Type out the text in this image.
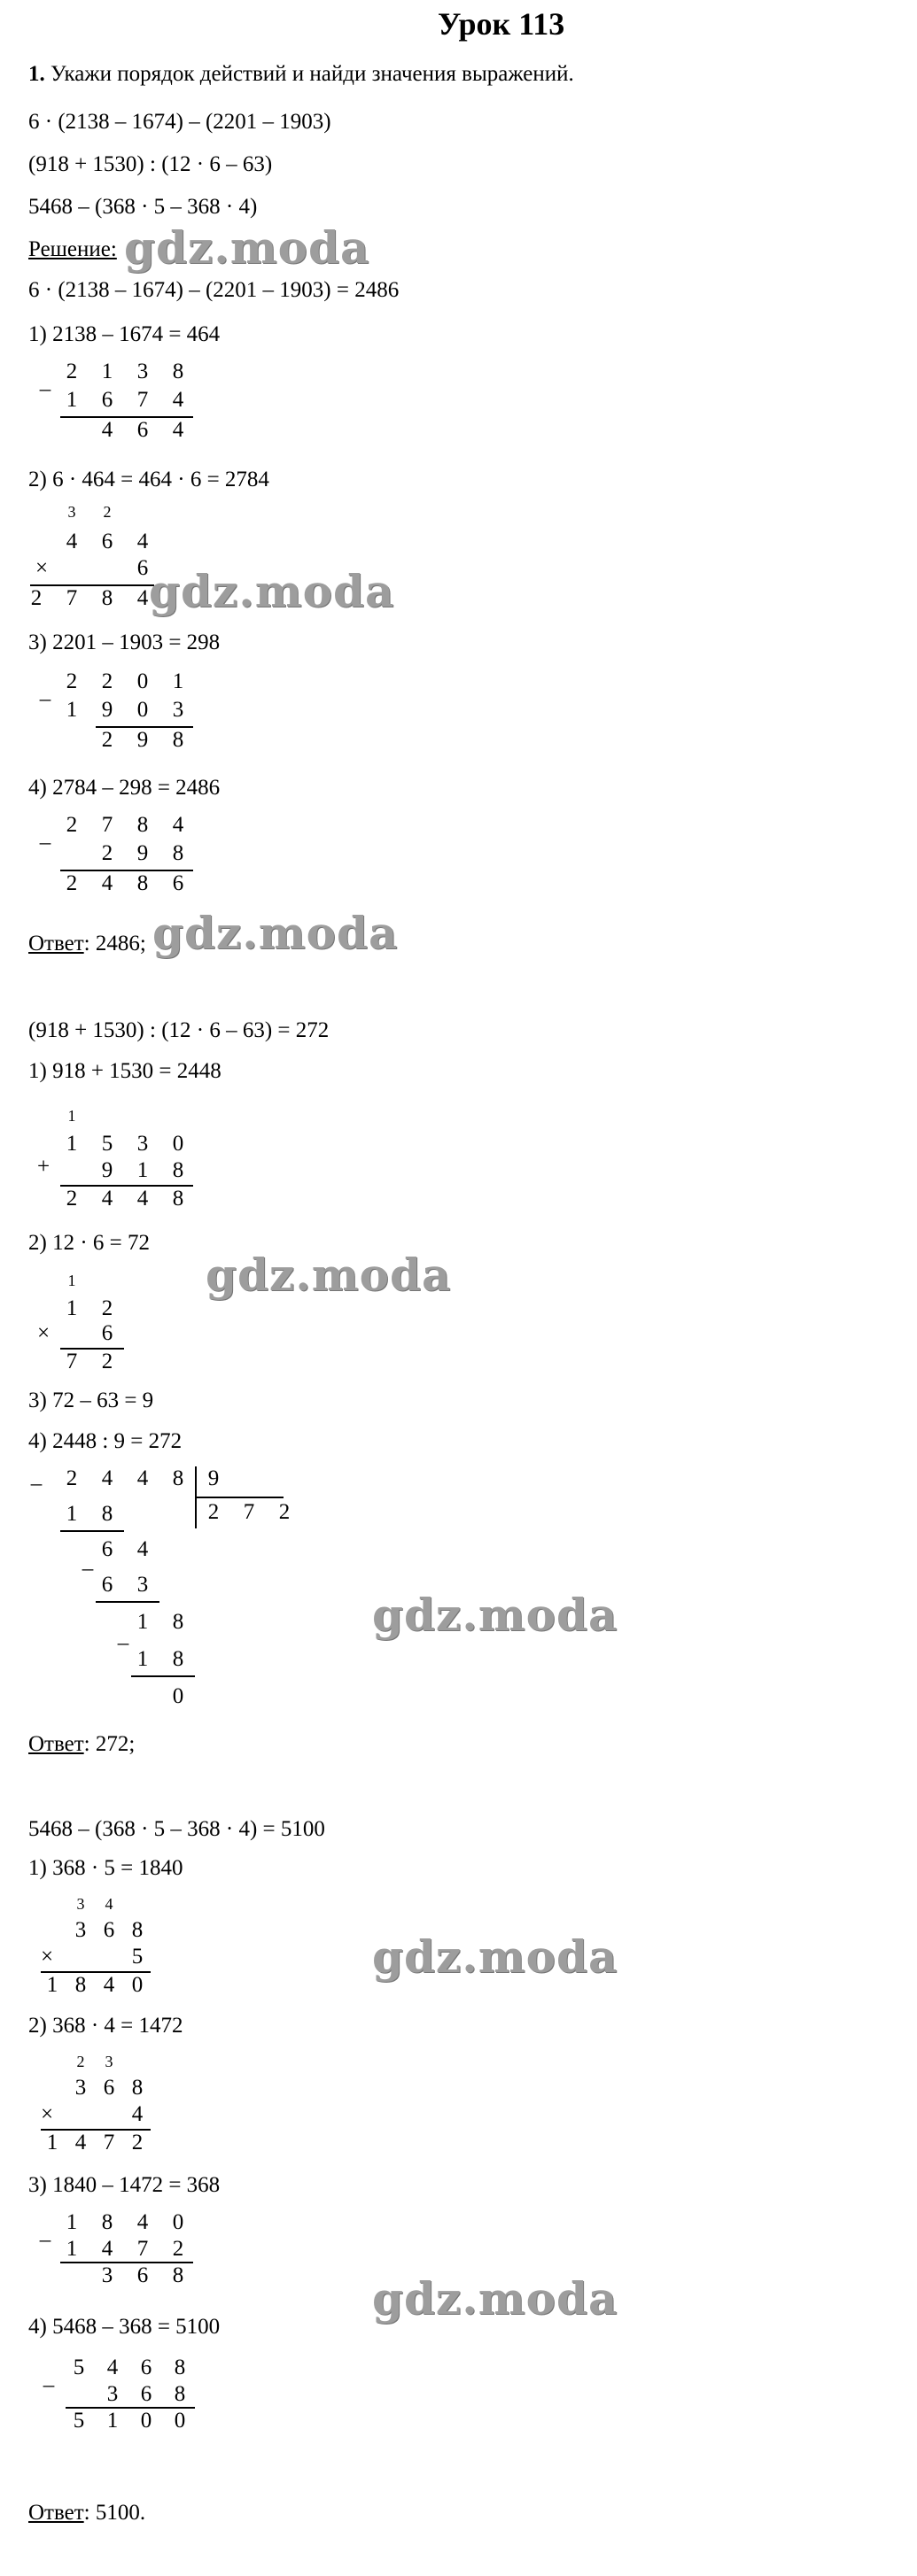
Урок 113
1. Укажи порядок действий и найди значения выражений.
6 · (2138 – 1674) – (2201 – 1903)
(918 + 1530) : (12 · 6 – 63)
5468 – (368 · 5 – 368 · 4)
Решение:
6 · (2138 – 1674) – (2201 – 1903) = 2486
1) 2138 – 1674 = 464
2 1 3 8
– 1 6 7 4
4 6 4
2) 6 · 464 = 464 · 6 = 2784
3	2
4 6 4
×	6
2 7 8 4
3) 2201 – 1903 = 298
2 2 0 1
– 1 9 0 3
2 9 8
4) 2784 – 298 = 2486
2 7 8 4
– 2 9 8
2 4 8 6
Ответ: 2486;
(918 + 1530) : (12 · 6 – 63) = 272
1) 918 + 1530 = 2448
1
1 5 3 0
+ 9 1 8
2 4 4 8
2) 12 · 6 = 72
1
1 2
× 6
7 2
3) 72 – 63 = 9
4) 2448 : 9 = 272
– 2 4 4 8 9
2 7 2
1 8
–
6 4
6 3
–
1 8
1 8
0
Ответ: 272;
5468 – (368 · 5 – 368 · 4) = 5100
1) 368 · 5 = 1840
3	4
3 6 8
×	5
1 8 4 0
2) 368 · 4 = 1472
2	3
3 6 8
×	4
1 4 7 2
3) 1840 – 1472 = 368
1 8 4 0
– 1 4 7 2
3 6 8
4) 5468 – 368 = 5100
5 4 6 8
– 3 6 8
5 1 0 0
Ответ: 5100.
gdz.moda
gdz.moda
gdz.moda
gdz.moda
gdz.moda
gdz.moda
gdz.moda
